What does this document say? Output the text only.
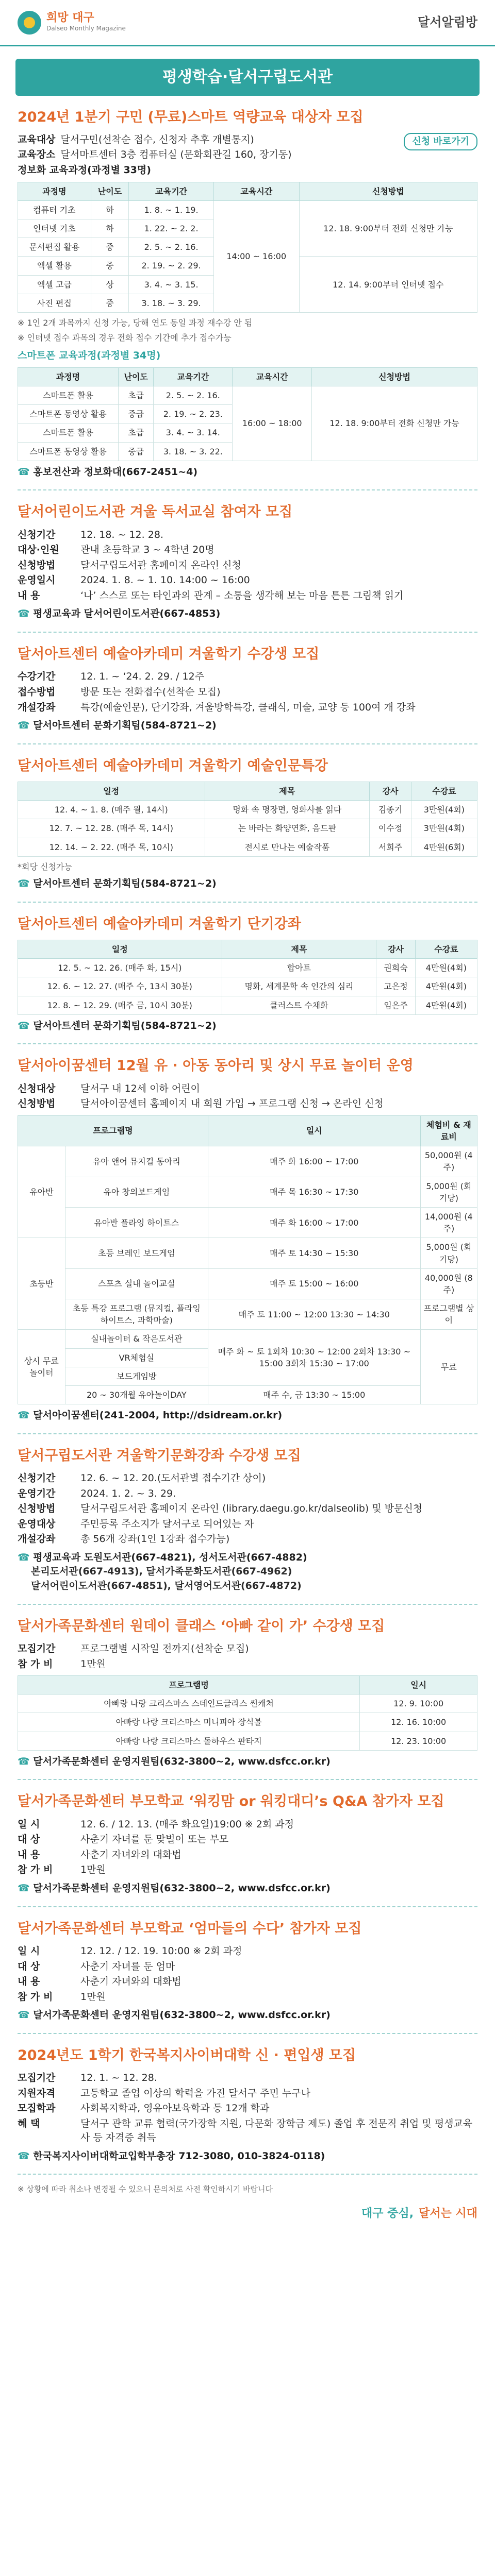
희망 대구
Dalseo Monthly Magazine	달서알림방
평생학습·달서구립도서관
2024년 1분기 구민 (무료)스마트 역량교육 대상자 모집
신청 바로가기
교육대상 달서구민(선착순 접수, 신청자 추후 개별통지)
교육장소 달서마트센터 3층 컴퓨터실 (문화회관길 160, 장기동)
정보화 교육과정(과정별 33명)
과정명	난이도	교육기간	교육시간	신청방법
컴퓨터 기초	하	1. 8. ~ 1. 19.	14:00 ~ 16:00	12. 18. 9:00부터 전화 신청만 가능
인터넷 기초	하	1. 22. ~ 2. 2.		
문서편집 활용	중	2. 5. ~ 2. 16.		
엑셀 활용	중	2. 19. ~ 2. 29.		12. 14. 9:00부터 인터넷 접수
엑셀 고급	상	3. 4. ~ 3. 15.		
사진 편집	중	3. 18. ~ 3. 29.		
※ 1인 2개 과목까지 신청 가능, 당해 연도 동일 과정 재수강 안 됨
※ 인터넷 접수 과목의 경우 전화 접수 기간에 추가 접수가능
스마트폰 교육과정(과정별 34명)
과정명	난이도	교육기간	교육시간	신청방법
스마트폰 활용	초급	2. 5. ~ 2. 16.	16:00 ~ 18:00	12. 18. 9:00부터 전화 신청만 가능
스마트폰 동영상 활용	중급	2. 19. ~ 2. 23.		
스마트폰 활용	초급	3. 4. ~ 3. 14.		
스마트폰 동영상 활용	중급	3. 18. ~ 3. 22.		
☎ 홍보전산과 정보화대(667-2451~4)
달서어린이도서관 겨울 독서교실 참여자 모집
신청기간	12. 18. ~ 12. 28.
대상·인원	관내 초등학교 3 ~ 4학년 20명
신청방법	달서구립도서관 홈페이지 온라인 신청
운영일시	2024. 1. 8. ~ 1. 10. 14:00 ~ 16:00
내 용	‘나’ 스스로 또는 타인과의 관계 – 소통을 생각해 보는 마음 튼튼 그림책 읽기
☎ 평생교육과 달서어린이도서관(667-4853)
달서아트센터 예술아카데미 겨울학기 수강생 모집
수강기간	12. 1. ~ ‘24. 2. 29. / 12주
접수방법	방문 또는 전화접수(선착순 모집)
개설강좌	특강(예술인문), 단기강좌, 겨울방학특강, 클래식, 미술, 교양 등 100여 개 강좌
☎ 달서아트센터 문화기획팀(584-8721~2)
달서아트센터 예술아카데미 겨울학기 예술인문특강
일정	제목	강사	수강료
12. 4. ~ 1. 8. (매주 월, 14시)	명화 속 명장면, 영화사를 읽다	김종기	3만원(4회)
12. 7. ~ 12. 28. (매주 목, 14시)	논 바라는 화양연화, 음드판	이수정	3만원(4회)
12. 14. ~ 2. 22. (매주 목, 10시)	전시로 만나는 예술작품	서희주	4만원(6회)
*회당 신청가능
☎ 달서아트센터 문화기획팀(584-8721~2)
달서아트센터 예술아카데미 겨울학기 단기강좌
일정	제목	강사	수강료
12. 5. ~ 12. 26. (매주 화, 15시)	합아트	권희숙	4만원(4회)
12. 6. ~ 12. 27. (매주 수, 13시 30분)	명화, 세계문학 속 인간의 심리	고은정	4만원(4회)
12. 8. ~ 12. 29. (매주 금, 10시 30분)	클러스트 수채화	임은주	4만원(4회)
☎ 달서아트센터 문화기획팀(584-8721~2)
달서아이꿈센터 12월 유 · 아동 동아리 및 상시 무료 놀이터 운영
신청대상	달서구 내 12세 이하 어린이
신청방법	달서아이꿈센터 홈페이지 내 회원 가입 → 프로그램 신청 → 온라인 신청
프로그램명		일시	체험비 & 재료비
유아반	유아 앤어 뮤지컬 동아리	매주 화 16:00 ~ 17:00	50,000원 (4주)
	유아 창의보드게임	매주 목 16:30 ~ 17:30	5,000원 (회기당)
	유아반 플라잉 하이트스	매주 화 16:00 ~ 17:00	14,000원 (4주)
초등반	초등 브레인 보드게임	매주 토 14:30 ~ 15:30	5,000원 (회기당)
	스포츠 실내 놀이교실	매주 토 15:00 ~ 16:00	40,000원 (8주)
	초등 특강 프로그램 (뮤지컬, 플라잉 하이트스, 과학마술)	매주 토 11:00 ~ 12:00 13:30 ~ 14:30	프로그램별 상이
상시 무료 놀이터	실내놀이터 & 작은도서관	매주 화 ~ 토 1회차 10:30 ~ 12:00 2회차 13:30 ~ 15:00 3회차 15:30 ~ 17:00	무료
	VR체험실		
	보드게임방		
	20 ~ 30개월 유아놀이DAY	매주 수, 금 13:30 ~ 15:00	
☎ 달서아이꿈센터(241-2004, http://dsidream.or.kr)
달서구립도서관 겨울학기문화강좌 수강생 모집
신청기간	12. 6. ~ 12. 20.(도서관별 접수기간 상이)
운영기간	2024. 1. 2. ~ 3. 29.
신청방법	달서구립도서관 홈페이지 온라인 (library.daegu.go.kr/dalseolib) 및 방문신청
운영대상	주민등록 주소지가 달서구로 되어있는 자
개설강좌	총 56개 강좌(1인 1강좌 접수가능)
☎ 평생교육과 도원도서관(667-4821), 성서도서관(667-4882)
본리도서관(667-4913), 달서가족문화도서관(667-4962)
달서어린이도서관(667-4851), 달서영어도서관(667-4872)
달서가족문화센터 원데이 클래스 ‘아빠 같이 가’ 수강생 모집
모집기간	프로그램별 시작일 전까지(선착순 모집)
참 가 비	1만원
프로그램명	일시
아빠랑 나랑 크리스마스 스테인드글라스 썬캐쳐	12. 9. 10:00
아빠랑 나랑 크리스마스 미니피아 장식볼	12. 16. 10:00
아빠랑 나랑 크리스마스 돌하우스 판타지	12. 23. 10:00
☎ 달서가족문화센터 운영지원팀(632-3800~2, www.dsfcc.or.kr)
달서가족문화센터 부모학교 ‘워킹맘 or 워킹대디’s Q&A 참가자 모집
일 시	12. 6. / 12. 13. (매주 화요일)19:00 ※ 2회 과정
대 상	사춘기 자녀를 둔 맞벌이 또는 부모
내 용	사춘기 자녀와의 대화법
참 가 비	1만원
☎ 달서가족문화센터 운영지원팀(632-3800~2, www.dsfcc.or.kr)
달서가족문화센터 부모학교 ‘엄마들의 수다’ 참가자 모집
일 시	12. 12. / 12. 19. 10:00 ※ 2회 과정
대 상	사춘기 자녀를 둔 엄마
내 용	사춘기 자녀와의 대화법
참 가 비	1만원
☎ 달서가족문화센터 운영지원팀(632-3800~2, www.dsfcc.or.kr)
2024년도 1학기 한국복지사이버대학 신 · 편입생 모집
모집기간	12. 1. ~ 12. 28.
지원자격	고등학교 졸업 이상의 학력을 가진 달서구 주민 누구나
모집학과	사회복지학과, 영유아보육학과 등 12개 학과
혜 택	달서구 관학 교류 협력(국가장학 지원, 다문화 장학금 제도) 졸업 후 전문직 취업 및 평생교육사 등 자격증 취득
☎ 한국복지사이버대학교입학부총장 712-3080, 010-3824-0118)
※ 상황에 따라 취소나 변경될 수 있으니 문의처로 사전 확인하시기 바랍니다
대구 중심, 달서는 시대
